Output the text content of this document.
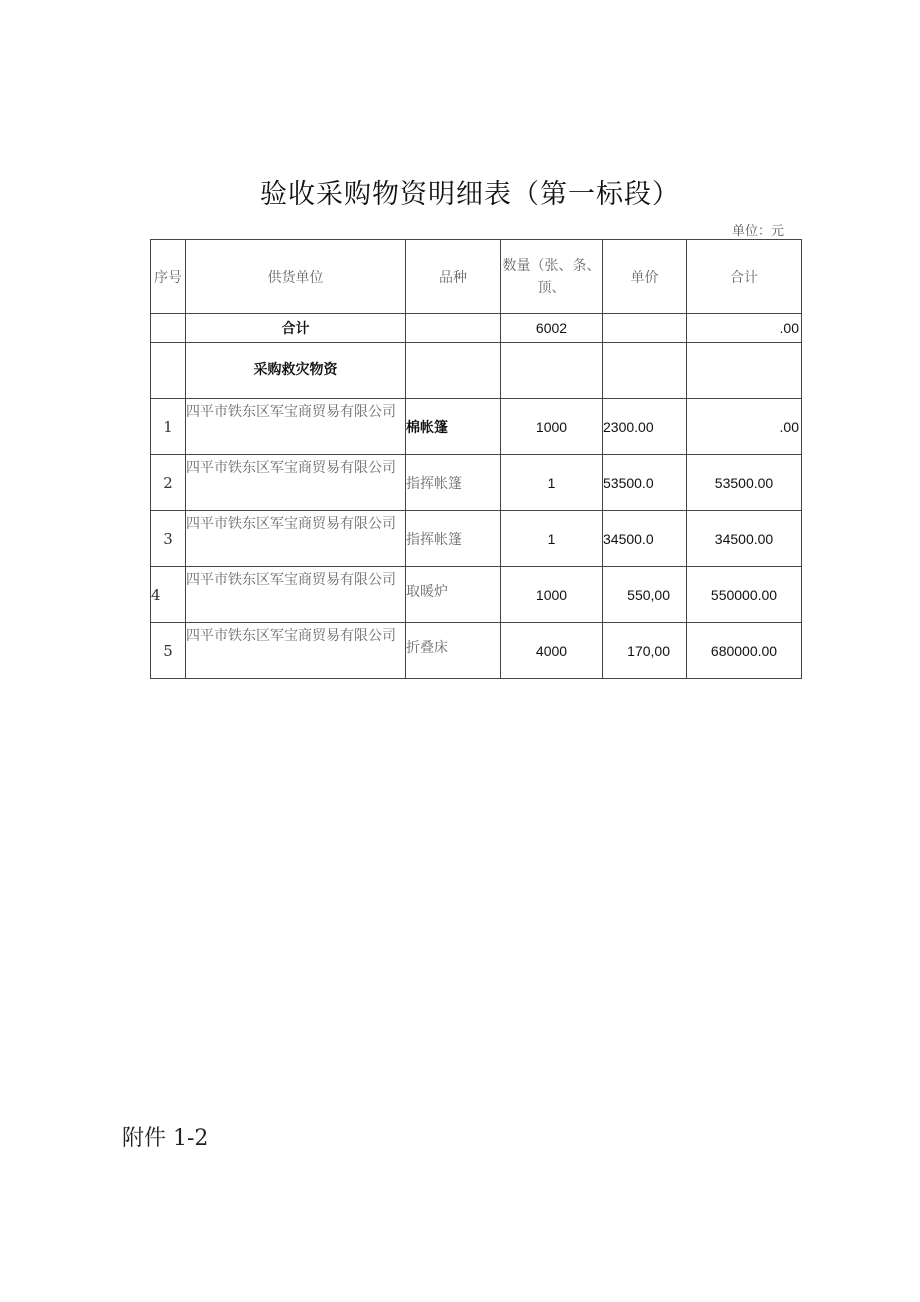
验收采购物资明细表（第一标段）
单位：元
序号	供货单位	品种	数量（张、条、顶、	单价	合计
	合计		6002		.00
	采购救灾物资				
1	四平市铁东区军宝商贸易有限公司	棉帐篷	1000	2300.00	.00
2	四平市铁东区军宝商贸易有限公司	指挥帐篷	1	53500.0	53500.00
3	四平市铁东区军宝商贸易有限公司	指挥帐篷	1	34500.0	34500.00
4	四平市铁东区军宝商贸易有限公司	取暖炉	1000	550,00	550000.00
5	四平市铁东区军宝商贸易有限公司	折叠床	4000	170,00	680000.00
附件 1-2
